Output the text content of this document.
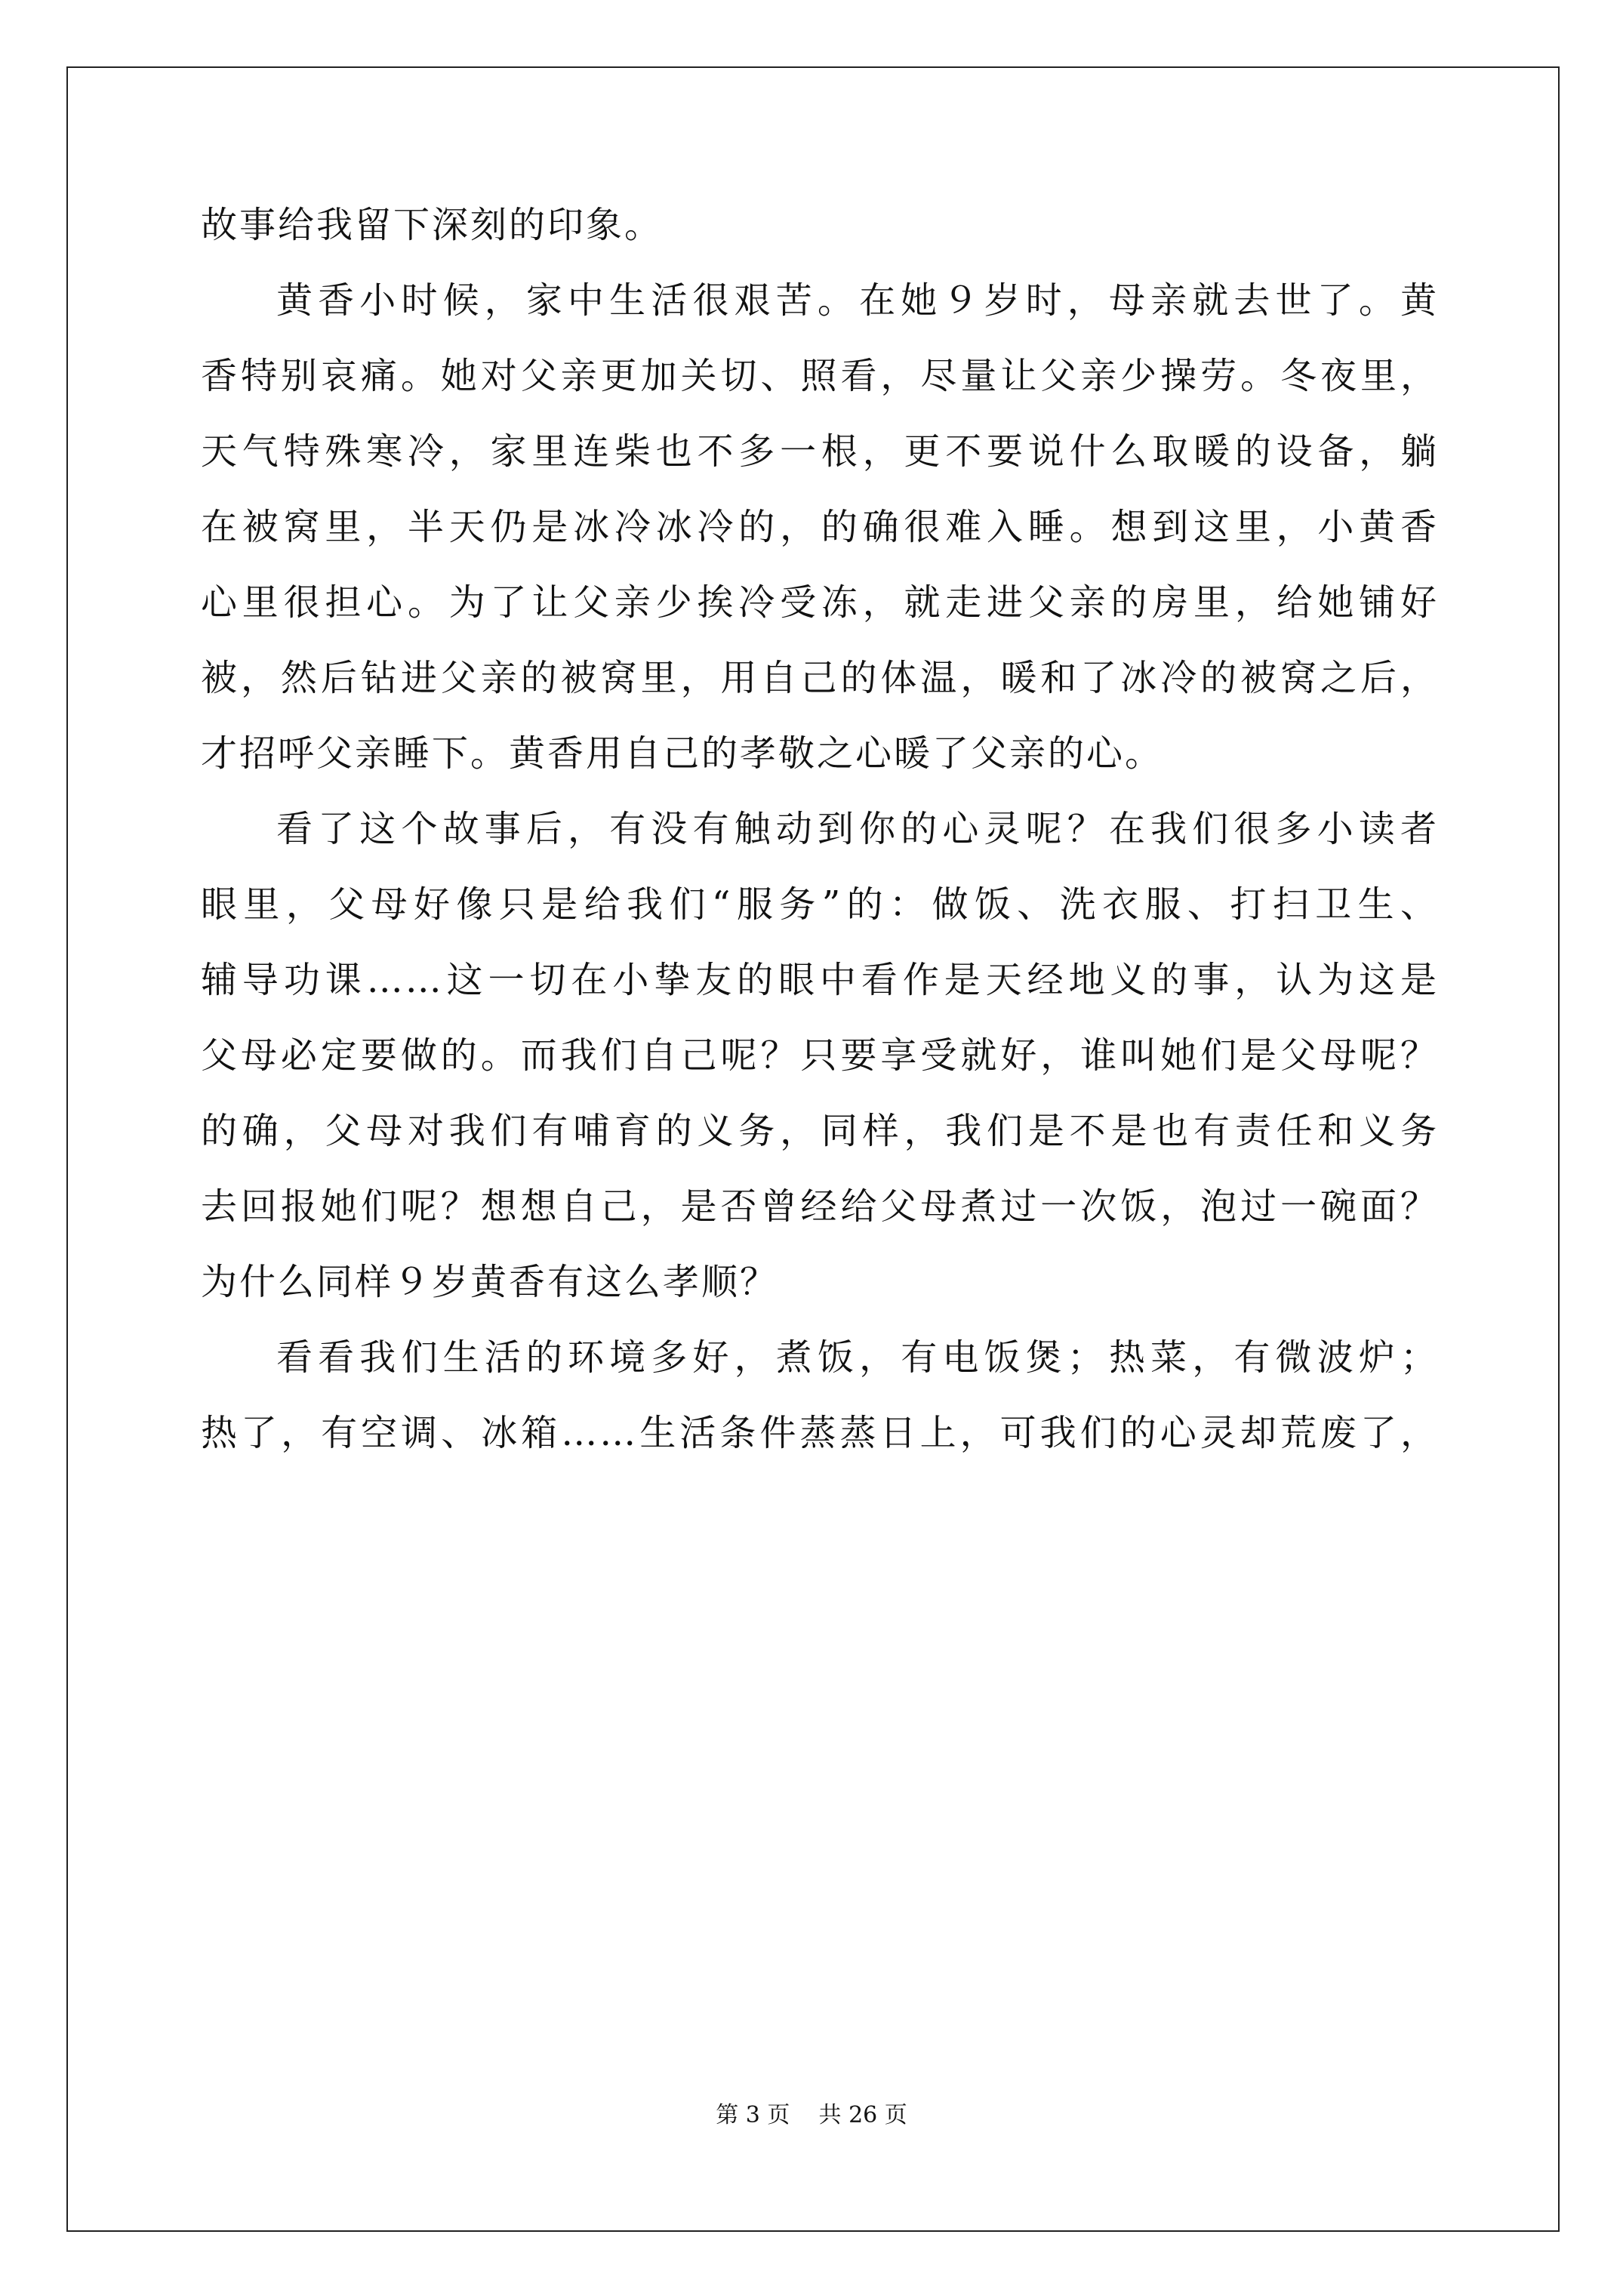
故事给我留下深刻的印象。
黄香小时候，家中生活很艰苦。在她９岁时，母亲就去世了。黄
香特别哀痛。她对父亲更加关切、照看，尽量让父亲少操劳。冬夜里，
天气特殊寒冷，家里连柴也不多一根，更不要说什么取暖的设备，躺
在被窝里，半天仍是冰冷冰冷的，的确很难入睡。想到这里，小黄香
心里很担心。为了让父亲少挨冷受冻，就走进父亲的房里，给她铺好
被，然后钻进父亲的被窝里，用自己的体温，暖和了冰冷的被窝之后，
才招呼父亲睡下。黄香用自己的孝敬之心暖了父亲的心。
看了这个故事后，有没有触动到你的心灵呢？在我们很多小读者
眼里，父母好像只是给我们“服务”的：做饭、洗衣服、打扫卫生、
辅导功课……这一切在小挚友的眼中看作是天经地义的事，认为这是
父母必定要做的。而我们自己呢？只要享受就好，谁叫她们是父母呢？
的确，父母对我们有哺育的义务，同样，我们是不是也有责任和义务
去回报她们呢？想想自己，是否曾经给父母煮过一次饭，泡过一碗面？
为什么同样９岁黄香有这么孝顺？
看看我们生活的环境多好，煮饭，有电饭煲；热菜，有微波炉；
热了，有空调、冰箱……生活条件蒸蒸日上，可我们的心灵却荒废了，
第 3 页 共 26 页
